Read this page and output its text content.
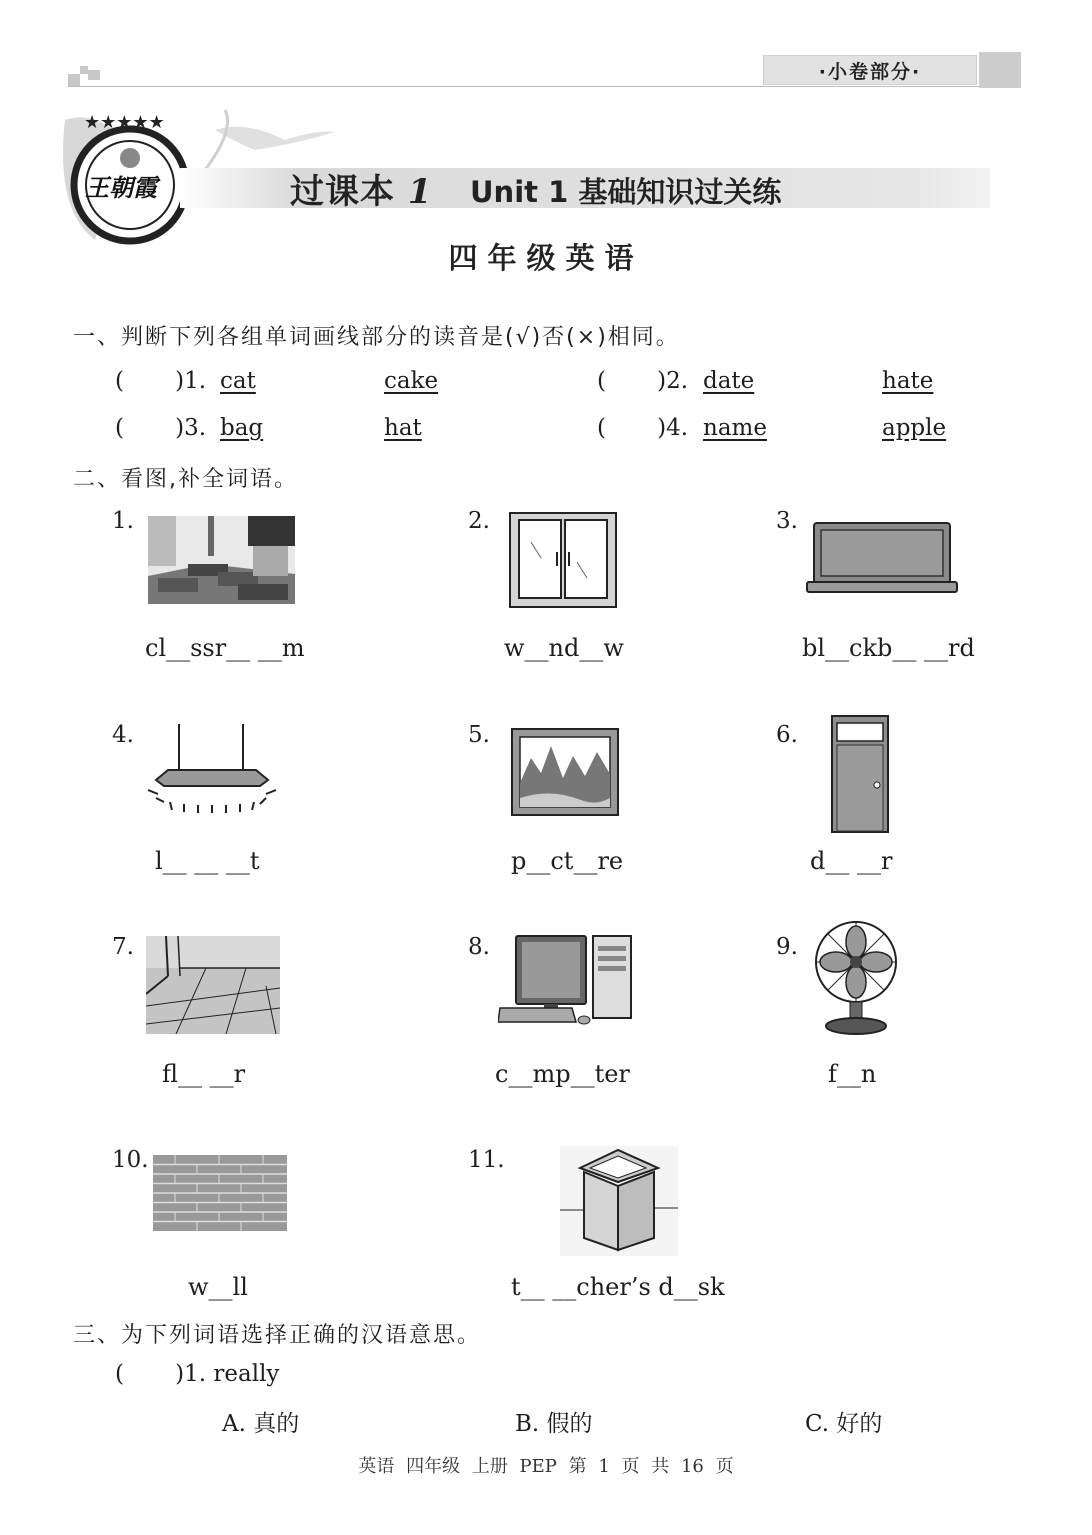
·小卷部分·
★★★★★
王朝霞	过课本 1 Unit 1 基础知识过关练
四年级英语
一、判断下列各组单词画线部分的读音是(√)否(×)相同。
(       )1. cat	cake	(       )2. date	hate
(       )3. bag	hat	(       )4. name	apple
二、看图,补全词语。
1.
cl__ssr__ __m
2.
w__nd__w
3.
bl__ckb__ __rd
4.
l__ __ __t
5.
p__ct__re
6.
d__ __r
7.
fl__ __r
8.
c__mp__ter
9.
f__n
10.
w__ll
11.
t__ __cher’s d__sk
三、为下列词语选择正确的汉语意思。
(       )1. really
A. 真的	B. 假的	C. 好的
英语 四年级 上册 PEP 第 1 页 共 16 页
